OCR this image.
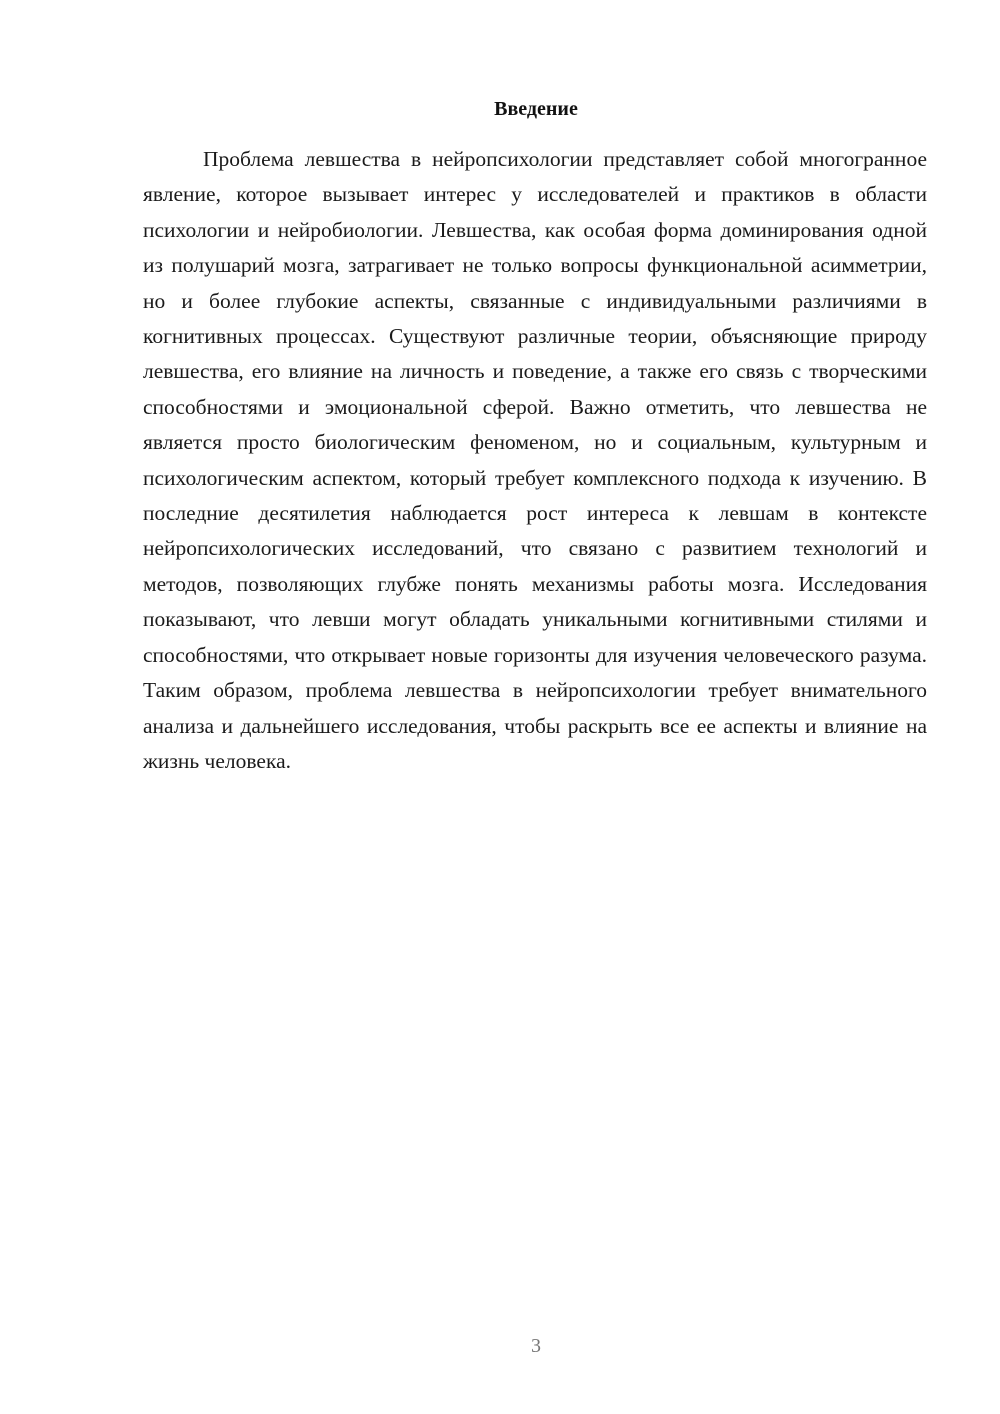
Введение

Проблема левшества в нейропсихологии представляет собой многогранное явление, которое вызывает интерес у исследователей и практиков в области психологии и нейробиологии. Левшества, как особая форма доминирования одной из полушарий мозга, затрагивает не только вопросы функциональной асимметрии, но и более глубокие аспекты, связанные с индивидуальными различиями в когнитивных процессах. Существуют различные теории, объясняющие природу левшества, его влияние на личность и поведение, а также его связь с творческими способностями и эмоциональной сферой. Важно отметить, что левшества не является просто биологическим феноменом, но и социальным, культурным и психологическим аспектом, который требует комплексного подхода к изучению. В последние десятилетия наблюдается рост интереса к левшам в контексте нейропсихологических исследований, что связано с развитием технологий и методов, позволяющих глубже понять механизмы работы мозга. Исследования показывают, что левши могут обладать уникальными когнитивными стилями и способностями, что открывает новые горизонты для изучения человеческого разума. Таким образом, проблема левшества в нейропсихологии требует внимательного анализа и дальнейшего исследования, чтобы раскрыть все ее аспекты и влияние на жизнь человека.

3
